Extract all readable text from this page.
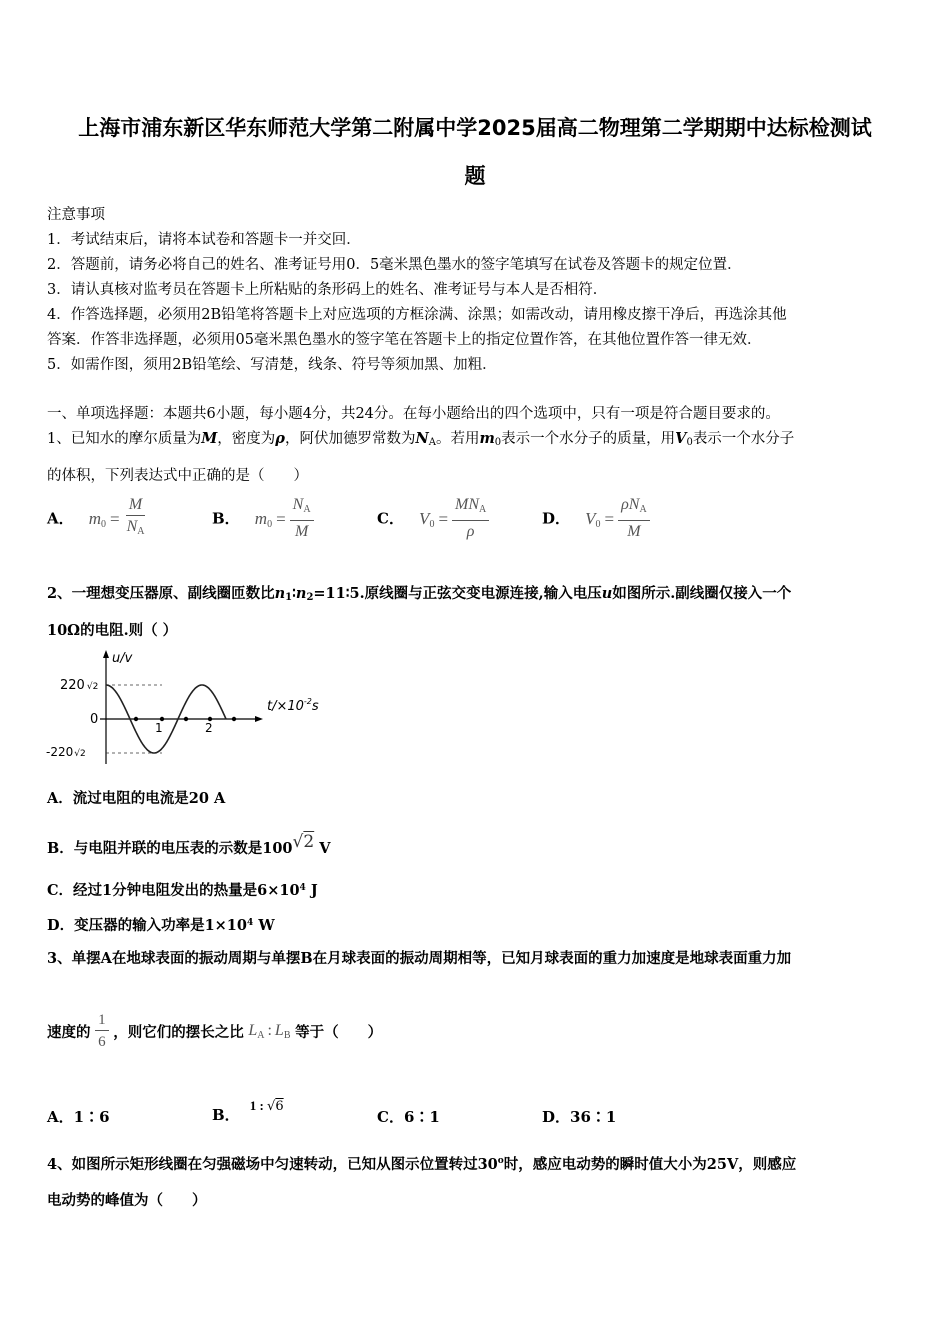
上海市浦东新区华东师范大学第二附属中学2025届高二物理第二学期期中达标检测试
题
注意事项
1．考试结束后，请将本试卷和答题卡一并交回．
2．答题前，请务必将自己的姓名、准考证号用0．5毫米黑色墨水的签字笔填写在试卷及答题卡的规定位置．
3．请认真核对监考员在答题卡上所粘贴的条形码上的姓名、准考证号与本人是否相符．
4．作答选择题，必须用2B铅笔将答题卡上对应选项的方框涂满、涂黑；如需改动，请用橡皮擦干净后，再选涂其他
答案．作答非选择题，必须用05毫米黑色墨水的签字笔在答题卡上的指定位置作答，在其他位置作答一律无效．
5．如需作图，须用2B铅笔绘、写清楚，线条、符号等须加黑、加粗．
一、单项选择题：本题共6小题，每小题4分，共24分。在每小题给出的四个选项中，只有一项是符合题目要求的。
1、已知水的摩尔质量为M，密度为ρ，阿伏加德罗常数为NA。若用m0表示一个水分子的质量，用V0表示一个水分子
的体积，下列表达式中正确的是（　　）
A． $m_0 = \frac{M}{N_A}$	B． $m_0 = \frac{N_A}{M}$	C． $V_0 = \frac{MN_A}{\rho}$	D． $V_0 = \frac{\rho N_A}{M}$
2、一理想变压器原、副线圈匝数比n1∶n2=11∶5.原线圈与正弦交变电源连接,输入电压u如图所示.副线圈仅接入一个
10Ω的电阻.则（ ）
u/v
$t/\times 10^{-2}s$
220 √2
0
-220√2
1	2
A．流过电阻的电流是20 A
B．与电阻并联的电压表的示数是100√2 V
C．经过1分钟电阻发出的热量是$6\times 10^4$ J
D．变压器的输入功率是$1\times 10^4$ W
3、单摆A在地球表面的振动周期与单摆B在月球表面的振动周期相等，已知月球表面的重力加速度是地球表面重力加
速度的 $\frac{1}{6}$ ，则它们的摆长之比 $L_A$ : $L_B$ 等于（　　）
A．1∶6	B．1 : √6
C．6∶1	D．36∶1
4、如图所示矩形线圈在匀强磁场中匀速转动，已知从图示位置转过30$^o$时，感应电动势的瞬时值大小为25V，则感应
电动势的峰值为（　　）
